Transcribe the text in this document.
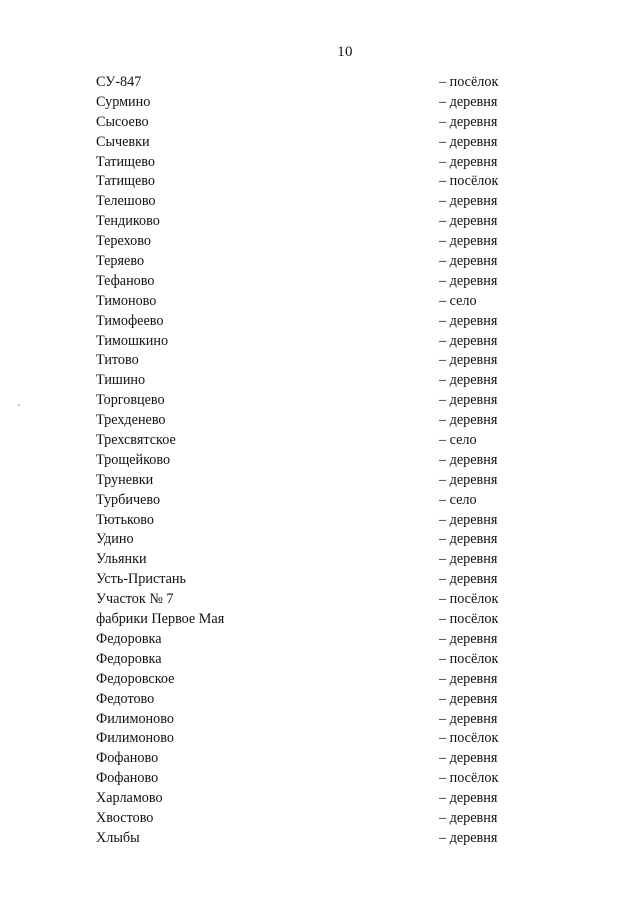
10
СУ-847	– посёлок
Сурмино	– деревня
Сысоево	– деревня
Сычевки	– деревня
Татищево	– деревня
Татищево	– посёлок
Телешово	– деревня
Тендиково	– деревня
Терехово	– деревня
Теряево	– деревня
Тефаново	– деревня
Тимоново	– село
Тимофеево	– деревня
Тимошкино	– деревня
Титово	– деревня
Тишино	– деревня
Торговцево	– деревня
Трехденево	– деревня
Трехсвятское	– село
Трощейково	– деревня
Труневки	– деревня
Турбичево	– село
Тютьково	– деревня
Удино	– деревня
Ульянки	– деревня
Усть-Пристань	– деревня
Участок № 7	– посёлок
фабрики Первое Мая	– посёлок
Федоровка	– деревня
Федоровка	– посёлок
Федоровское	– деревня
Федотово	– деревня
Филимоново	– деревня
Филимоново	– посёлок
Фофаново	– деревня
Фофаново	– посёлок
Харламово	– деревня
Хвостово	– деревня
Хлыбы	– деревня
